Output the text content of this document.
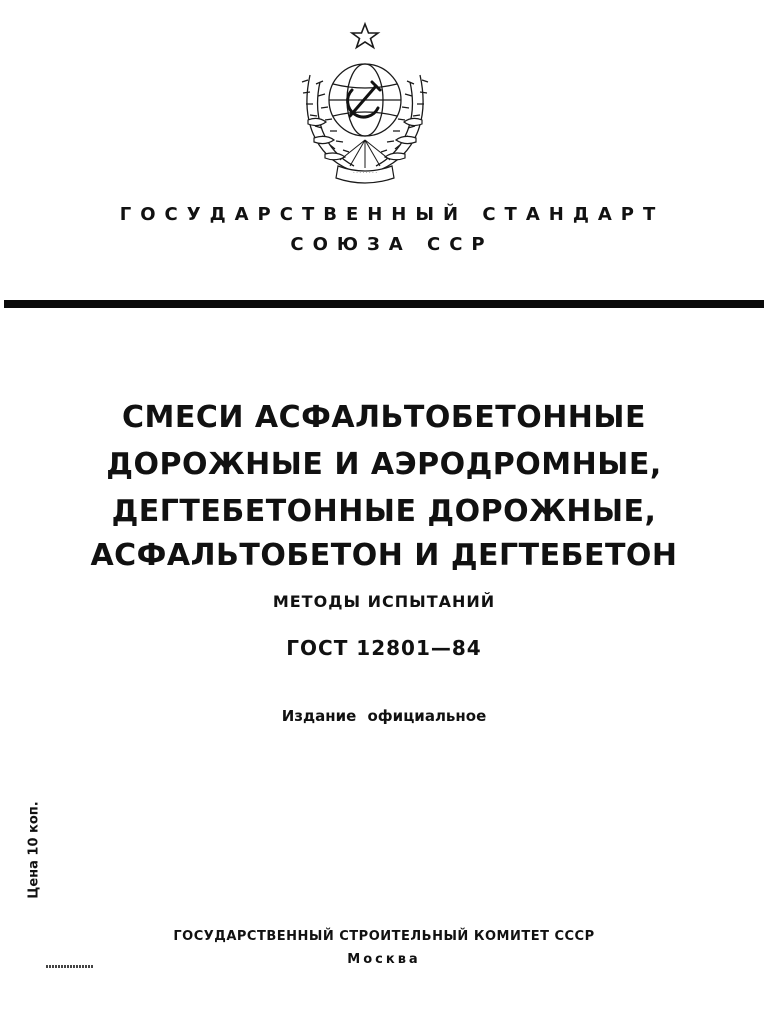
· · · · · · · ·

ГОСУДАРСТВЕННЫЙ СТАНДАРТ

СОЮЗА ССР

СМЕСИ АСФАЛЬТОБЕТОННЫЕ

ДОРОЖНЫЕ И АЭРОДРОМНЫЕ,

ДЕГТЕБЕТОННЫЕ ДОРОЖНЫЕ,

АСФАЛЬТОБЕТОН И ДЕГТЕБЕТОН

МЕТОДЫ ИСПЫТАНИЙ

ГОСТ 12801—84

Издание официальное

Цена 10 коп.

ГОСУДАРСТВЕННЫЙ СТРОИТЕЛЬНЫЙ КОМИТЕТ СССР

Москва
